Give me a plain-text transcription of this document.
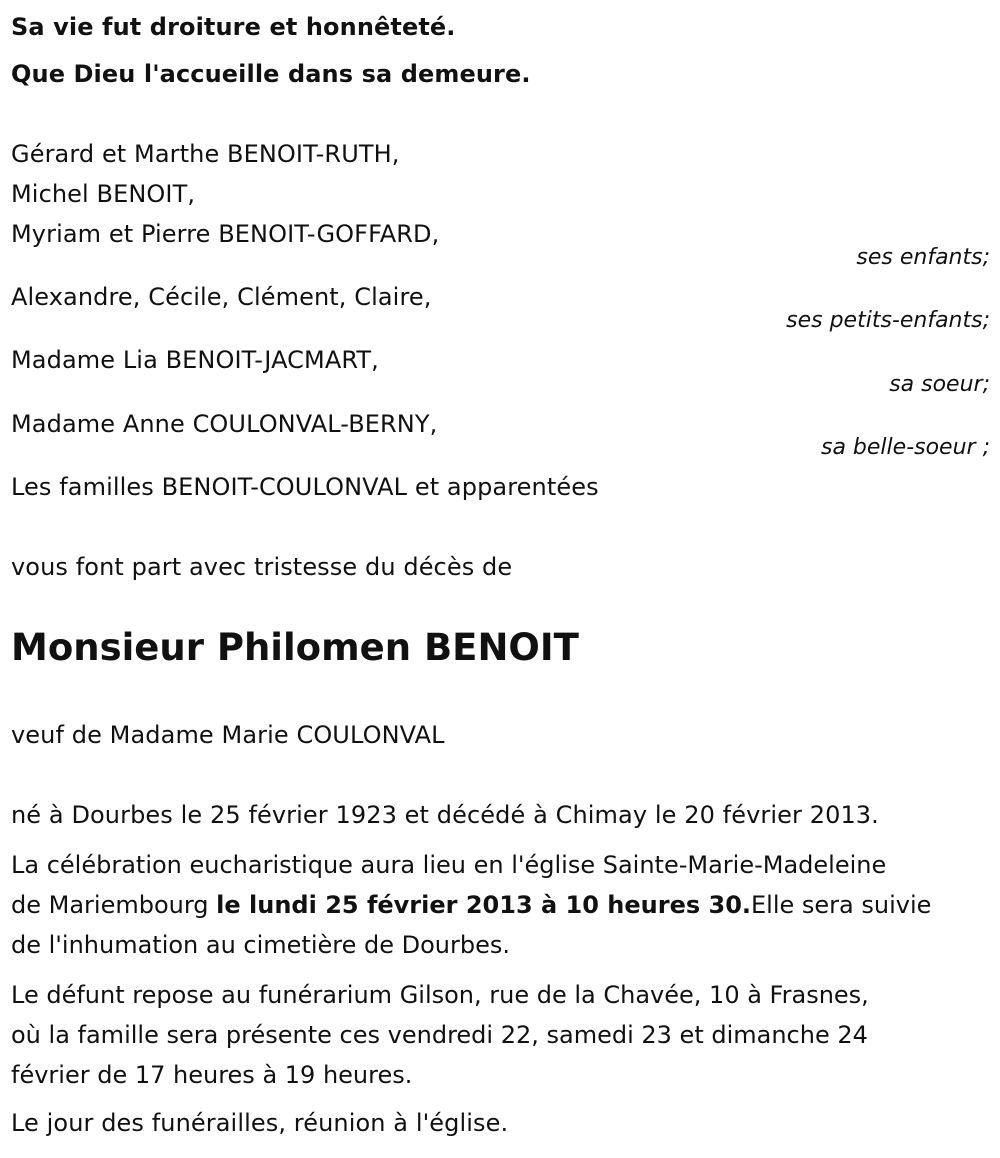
Sa vie fut droiture et honnêteté.
Que Dieu l'accueille dans sa demeure.
Gérard et Marthe BENOIT-RUTH,
Michel BENOIT,
Myriam et Pierre BENOIT-GOFFARD,
ses enfants;
Alexandre, Cécile, Clément, Claire,
ses petits-enfants;
Madame Lia BENOIT-JACMART,
sa soeur;
Madame Anne COULONVAL-BERNY,
sa belle-soeur ;
Les familles BENOIT-COULONVAL et apparentées
vous font part avec tristesse du décès de
Monsieur Philomen BENOIT
veuf de Madame Marie COULONVAL
né à Dourbes le 25 février 1923 et décédé à Chimay le 20 février 2013.
La célébration eucharistique aura lieu en l'église Sainte-Marie-Madeleine
de Mariembourg le lundi 25 février 2013 à 10 heures 30.Elle sera suivie
de l'inhumation au cimetière de Dourbes.
Le défunt repose au funérarium Gilson, rue de la Chavée, 10 à Frasnes,
où la famille sera présente ces vendredi 22, samedi 23 et dimanche 24
février de 17 heures à 19 heures.
Le jour des funérailles, réunion à l'église.
